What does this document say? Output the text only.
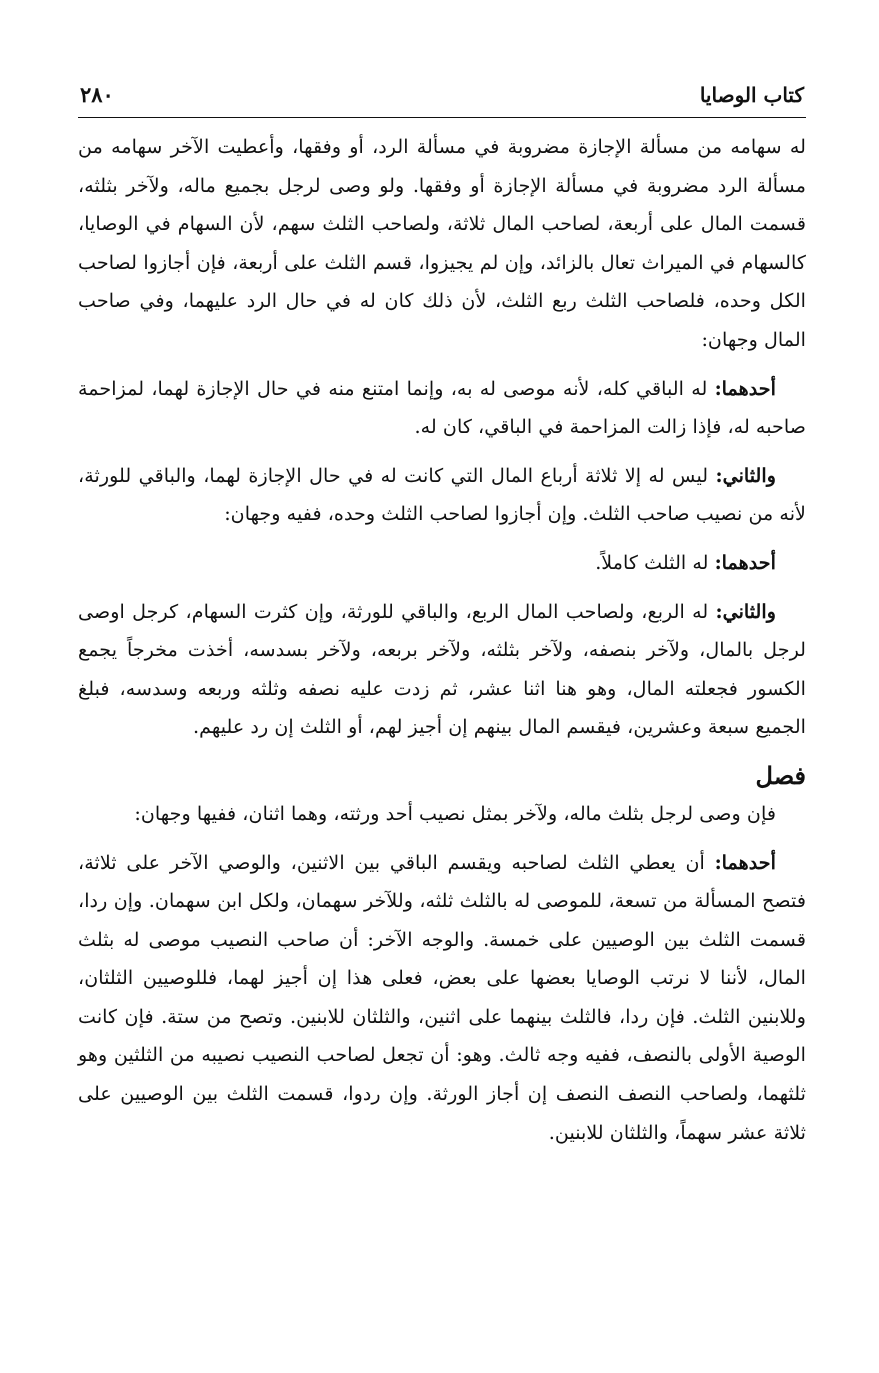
كتاب الوصايا
٢٨٠

له سهامه من مسألة الإجازة مضروبة في مسألة الرد، أو وفقها، وأعطيت الآخر سهامه من مسألة الرد مضروبة في مسألة الإجازة أو وفقها. ولو وصى لرجل بجميع ماله، ولآخر بثلثه، قسمت المال على أربعة، لصاحب المال ثلاثة، ولصاحب الثلث سهم، لأن السهام في الوصايا، كالسهام في الميراث تعال بالزائد، وإن لم يجيزوا، قسم الثلث على أربعة، فإن أجازوا لصاحب الكل وحده، فلصاحب الثلث ربع الثلث، لأن ذلك كان له في حال الرد عليهما، وفي صاحب المال وجهان:

أحدهما: له الباقي كله، لأنه موصى له به، وإنما امتنع منه في حال الإجازة لهما، لمزاحمة صاحبه له، فإذا زالت المزاحمة في الباقي، كان له.

والثاني: ليس له إلا ثلاثة أرباع المال التي كانت له في حال الإجازة لهما، والباقي للورثة، لأنه من نصيب صاحب الثلث. وإن أجازوا لصاحب الثلث وحده، ففيه وجهان:

أحدهما: له الثلث كاملاً.

والثاني: له الربع، ولصاحب المال الربع، والباقي للورثة، وإن كثرت السهام، كرجل اوصى لرجل بالمال، ولآخر بنصفه، ولآخر بثلثه، ولآخر بربعه، ولآخر بسدسه، أخذت مخرجاً يجمع الكسور فجعلته المال، وهو هنا اثنا عشر، ثم زدت عليه نصفه وثلثه وربعه وسدسه، فبلغ الجميع سبعة وعشرين، فيقسم المال بينهم إن أجيز لهم، أو الثلث إن رد عليهم.

فصل

فإن وصى لرجل بثلث ماله، ولآخر بمثل نصيب أحد ورثته، وهما اثنان، ففيها وجهان:

أحدهما: أن يعطي الثلث لصاحبه ويقسم الباقي بين الاثنين، والوصي الآخر على ثلاثة، فتصح المسألة من تسعة، للموصى له بالثلث ثلثه، وللآخر سهمان، ولكل ابن سهمان. وإن ردا، قسمت الثلث بين الوصيين على خمسة. والوجه الآخر: أن صاحب النصيب موصى له بثلث المال، لأننا لا نرتب الوصايا بعضها على بعض، فعلى هذا إن أجيز لهما، فللوصيين الثلثان، وللابنين الثلث. فإن ردا، فالثلث بينهما على اثنين، والثلثان للابنين. وتصح من ستة. فإن كانت الوصية الأولى بالنصف، ففيه وجه ثالث. وهو: أن تجعل لصاحب النصيب نصيبه من الثلثين وهو ثلثهما، ولصاحب النصف النصف إن أجاز الورثة. وإن ردوا، قسمت الثلث بين الوصيين على ثلاثة عشر سهماً، والثلثان للابنين.
